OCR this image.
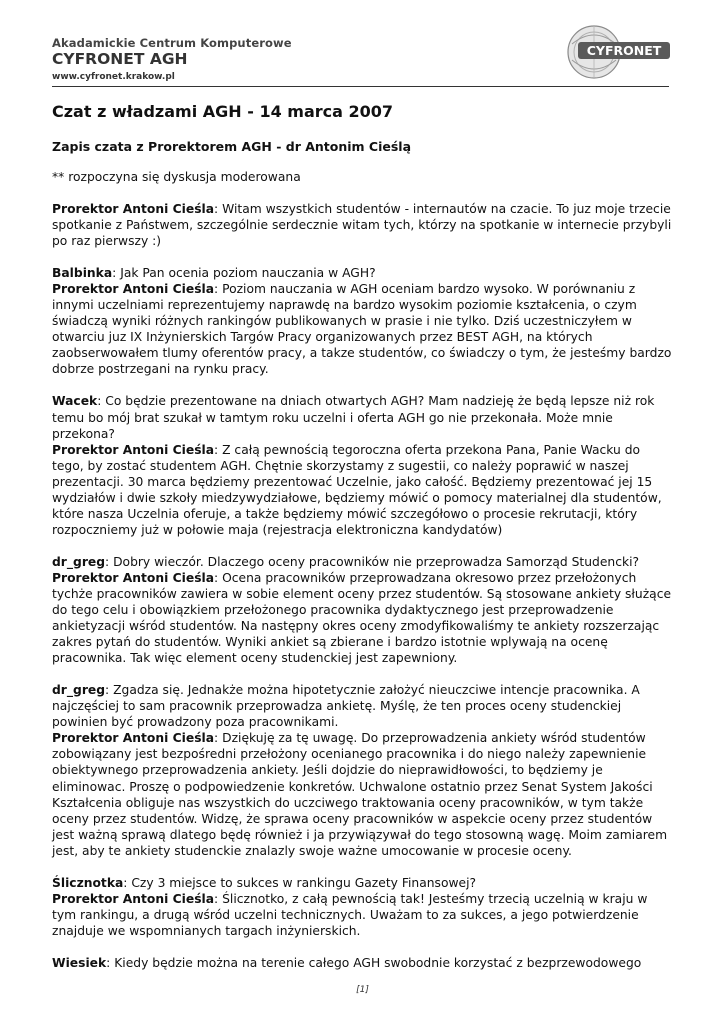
Akadamickie Centrum Komputerowe
CYFRONET AGH
www.cyfronet.krakow.pl
CYFRONET
Czat z władzami AGH - 14 marca 2007
Zapis czata z Prorektorem AGH - dr Antonim Cieślą

** rozpoczyna się dyskusja moderowana

Prorektor Antoni Cieśla: Witam wszystkich studentów - internautów na czacie. To juz moje trzecie spotkanie z Państwem, szczególnie serdecznie witam tych, którzy na spotkanie w internecie przybyli po raz pierwszy :)

Balbinka: Jak Pan ocenia poziom nauczania w AGH?

Prorektor Antoni Cieśla: Poziom nauczania w AGH oceniam bardzo wysoko. W porównaniu z innymi uczelniami reprezentujemy naprawdę na bardzo wysokim poziomie kształcenia, o czym świadczą wyniki różnych rankingów publikowanych w prasie i nie tylko. Dziś uczestniczyłem w otwarciu juz IX Inżynierskich Targów Pracy organizowanych przez BEST AGH, na których zaobserwowałem tlumy oferentów pracy, a takze studentów, co świadczy o tym, że jesteśmy bardzo dobrze postrzegani na rynku pracy.

Wacek: Co będzie prezentowane na dniach otwartych AGH? Mam nadzieję że będą lepsze niż rok temu bo mój brat szukał w tamtym roku uczelni i oferta AGH go nie przekonała. Może mnie przekona?

Prorektor Antoni Cieśla: Z całą pewnością tegoroczna oferta przekona Pana, Panie Wacku do tego, by zostać studentem AGH. Chętnie skorzystamy z sugestii, co należy poprawić w naszej prezentacji. 30 marca będziemy prezentować Uczelnie, jako całość. Będziemy prezentować jej 15 wydziałów i dwie szkoły miedzywydziałowe, będziemy mówić o pomocy materialnej dla studentów, które nasza Uczelnia oferuje, a także będziemy mówić szczegółowo o procesie rekrutacji, który rozpoczniemy już w połowie maja (rejestracja elektroniczna kandydatów)

dr_greg: Dobry wieczór. Dlaczego oceny pracowników nie przeprowadza Samorząd Studencki?

Prorektor Antoni Cieśla: Ocena pracowników przeprowadzana okresowo przez przełożonych tychże pracowników zawiera w sobie element oceny przez studentów. Są stosowane ankiety służące do tego celu i obowiązkiem przełożonego pracownika dydaktycznego jest przeprowadzenie ankietyzacji wśród studentów. Na następny okres oceny zmodyfikowaliśmy te ankiety rozszerzając zakres pytań do studentów. Wyniki ankiet są zbierane i bardzo istotnie wplywają na ocenę pracownika. Tak więc element oceny studenckiej jest zapewniony.

dr_greg: Zgadza się. Jednakże można hipotetycznie założyć nieuczciwe intencje pracownika. A najczęściej to sam pracownik przeprowadza ankietę. Myślę, że ten proces oceny studenckiej powinien być prowadzony poza pracownikami.

Prorektor Antoni Cieśla: Dziękuję za tę uwagę. Do przeprowadzenia ankiety wśród studentów zobowiązany jest bezpośredni przełożony ocenianego pracownika i do niego należy zapewnienie obiektywnego przeprowadzenia ankiety. Jeśli dojdzie do nieprawidłowości, to będziemy je eliminowac. Proszę o podpowiedzenie konkretów. Uchwalone ostatnio przez Senat System Jakości Kształcenia obliguje nas wszystkich do uczciwego traktowania oceny pracowników, w tym także oceny przez studentów. Widzę, że sprawa oceny pracowników w aspekcie oceny przez studentów jest ważną sprawą dlatego będę również i ja przywiązywał do tego stosowną wagę. Moim zamiarem jest, aby te ankiety studenckie znalazly swoje ważne umocowanie w procesie oceny.

Ślicznotka: Czy 3 miejsce to sukces w rankingu Gazety Finansowej?

Prorektor Antoni Cieśla: Ślicznotko, z całą pewnością tak! Jesteśmy trzecią uczelnią w kraju w tym rankingu, a drugą wśród uczelni technicznych. Uważam to za sukces, a jego potwierdzenie znajduje we wspomnianych targach inżynierskich.

Wiesiek: Kiedy będzie można na terenie całego AGH swobodnie korzystać z bezprzewodowego

[1]
